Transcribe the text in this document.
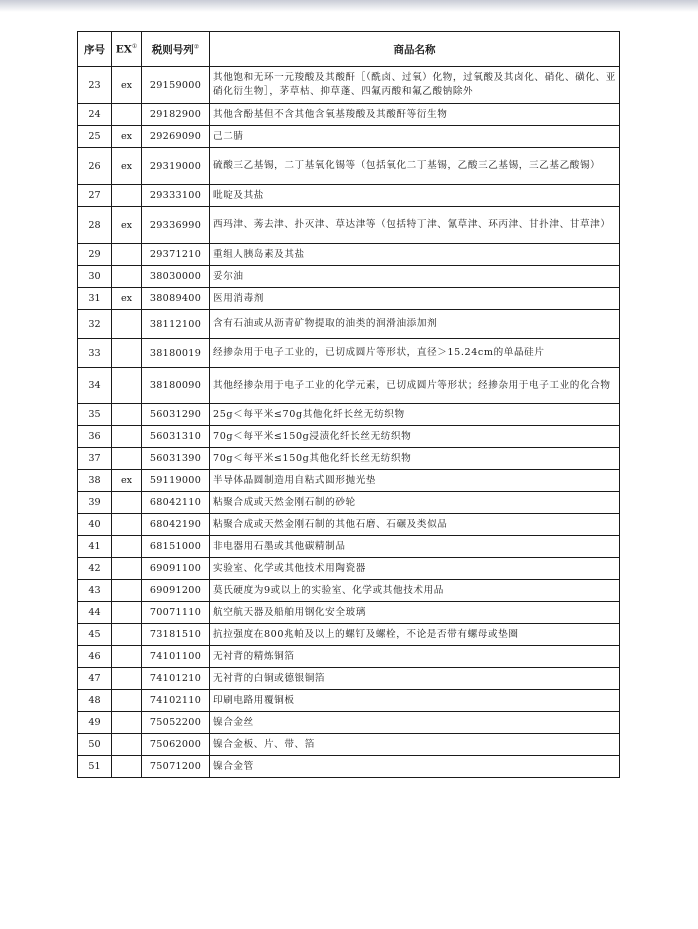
序号	EX①	税则号列②	商品名称
23	ex	29159000	其他饱和无环一元羧酸及其酸酐［（酰卤、过氧）化物，过氧酸及其卤化、硝化、磺化、亚硝化衍生物］，茅草枯、抑草蓬、四氟丙酸和氟乙酸钠除外
24		29182900	其他含酚基但不含其他含氧基羧酸及其酸酐等衍生物
25	ex	29269090	己二腈
26	ex	29319000	硫酸三乙基锡，二丁基氧化锡等（包括氧化二丁基锡，乙酸三乙基锡，三乙基乙酸锡）
27		29333100	吡啶及其盐
28	ex	29336990	西玛津、莠去津、扑灭津、草达津等（包括特丁津、氰草津、环丙津、甘扑津、甘草津）
29		29371210	重组人胰岛素及其盐
30		38030000	妥尔油
31	ex	38089400	医用消毒剂
32		38112100	含有石油或从沥青矿物提取的油类的润滑油添加剂
33		38180019	经掺杂用于电子工业的，已切成圆片等形状，直径＞15.24cm的单晶硅片
34		38180090	其他经掺杂用于电子工业的化学元素，已切成圆片等形状；经掺杂用于电子工业的化合物
35		56031290	25g＜每平米≤70g其他化纤长丝无纺织物
36		56031310	70g＜每平米≤150g浸渍化纤长丝无纺织物
37		56031390	70g＜每平米≤150g其他化纤长丝无纺织物
38	ex	59119000	半导体晶圆制造用自粘式圆形抛光垫
39		68042110	粘聚合成或天然金刚石制的砂轮
40		68042190	粘聚合成或天然金刚石制的其他石磨、石碾及类似品
41		68151000	非电器用石墨或其他碳精制品
42		69091100	实验室、化学或其他技术用陶瓷器
43		69091200	莫氏硬度为9或以上的实验室、化学或其他技术用品
44		70071110	航空航天器及船舶用钢化安全玻璃
45		73181510	抗拉强度在800兆帕及以上的螺钉及螺栓，不论是否带有螺母或垫圈
46		74101100	无衬背的精炼铜箔
47		74101210	无衬背的白铜或德银铜箔
48		74102110	印刷电路用覆铜板
49		75052200	镍合金丝
50		75062000	镍合金板、片、带、箔
51		75071200	镍合金管
